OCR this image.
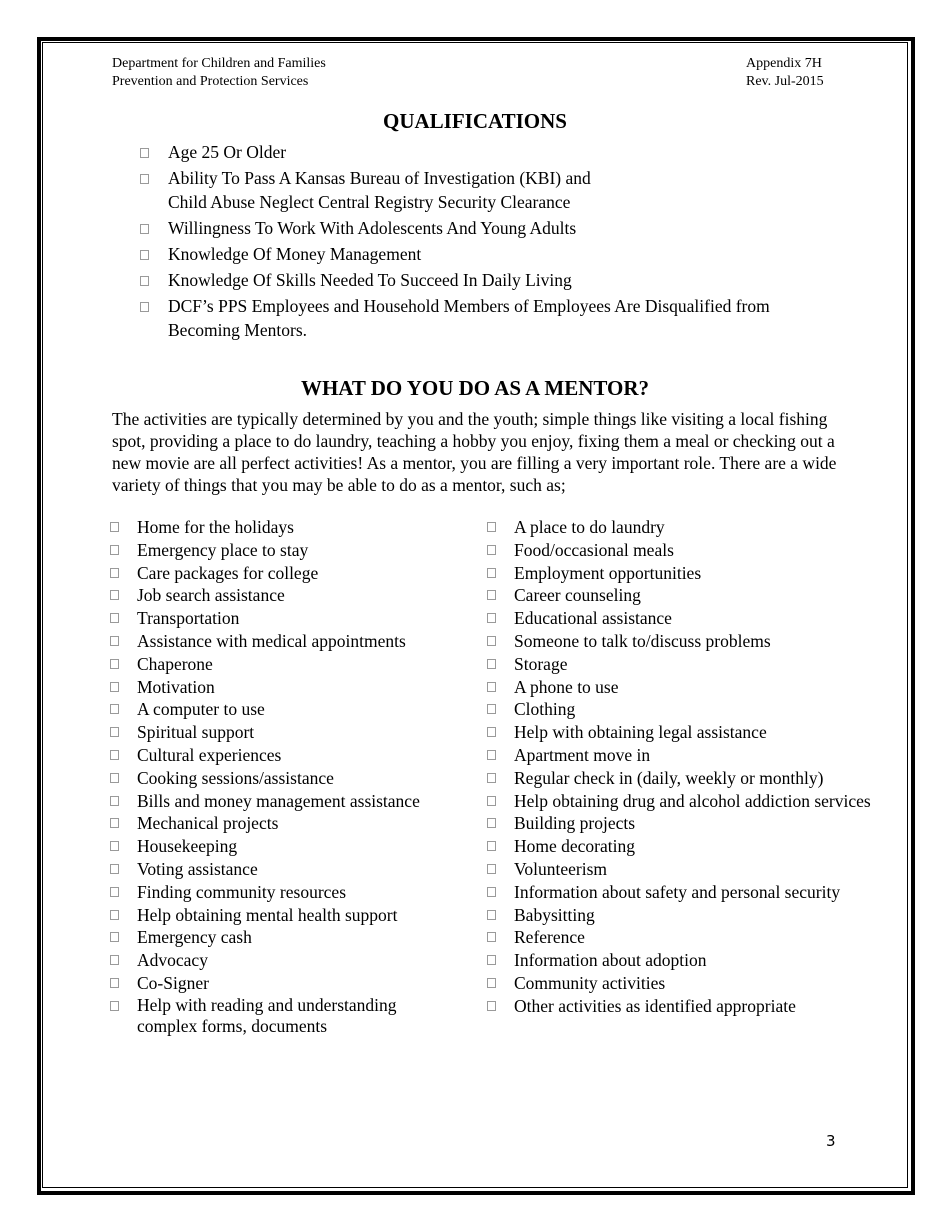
Department for Children and Families
Prevention and Protection Services
Appendix 7H
Rev. Jul-2015
QUALIFICATIONS
Age 25 Or Older
Ability To Pass A Kansas Bureau of Investigation (KBI) and
Child Abuse Neglect Central Registry Security Clearance
Willingness To Work With Adolescents And Young Adults
Knowledge Of Money Management
Knowledge Of Skills Needed To Succeed In Daily Living
DCF’s PPS Employees and Household Members of Employees Are Disqualified from
Becoming Mentors.
WHAT DO YOU DO AS A MENTOR?

The activities are typically determined by you and the youth; simple things like visiting a local fishing spot, providing a place to do laundry, teaching a hobby you enjoy, fixing them a meal or checking out a new movie are all perfect activities! As a mentor, you are filling a very important role. There are a wide variety of things that you may be able to do as a mentor, such as;

Home for the holidays
Emergency place to stay
Care packages for college
Job search assistance
Transportation
Assistance with medical appointments
Chaperone
Motivation
A computer to use
Spiritual support
Cultural experiences
Cooking sessions/assistance
Bills and money management assistance
Mechanical projects
Housekeeping
Voting assistance
Finding community resources
Help obtaining mental health support
Emergency cash
Advocacy
Co-Signer
Help with reading and understanding complex forms, documents
A place to do laundry
Food/occasional meals
Employment opportunities
Career counseling
Educational assistance
Someone to talk to/discuss problems
Storage
A phone to use
Clothing
Help with obtaining legal assistance
Apartment move in
Regular check in (daily, weekly or monthly)
Help obtaining drug and alcohol addiction services
Building projects
Home decorating
Volunteerism
Information about safety and personal security
Babysitting
Reference
Information about adoption
Community activities
Other activities as identified appropriate
3
